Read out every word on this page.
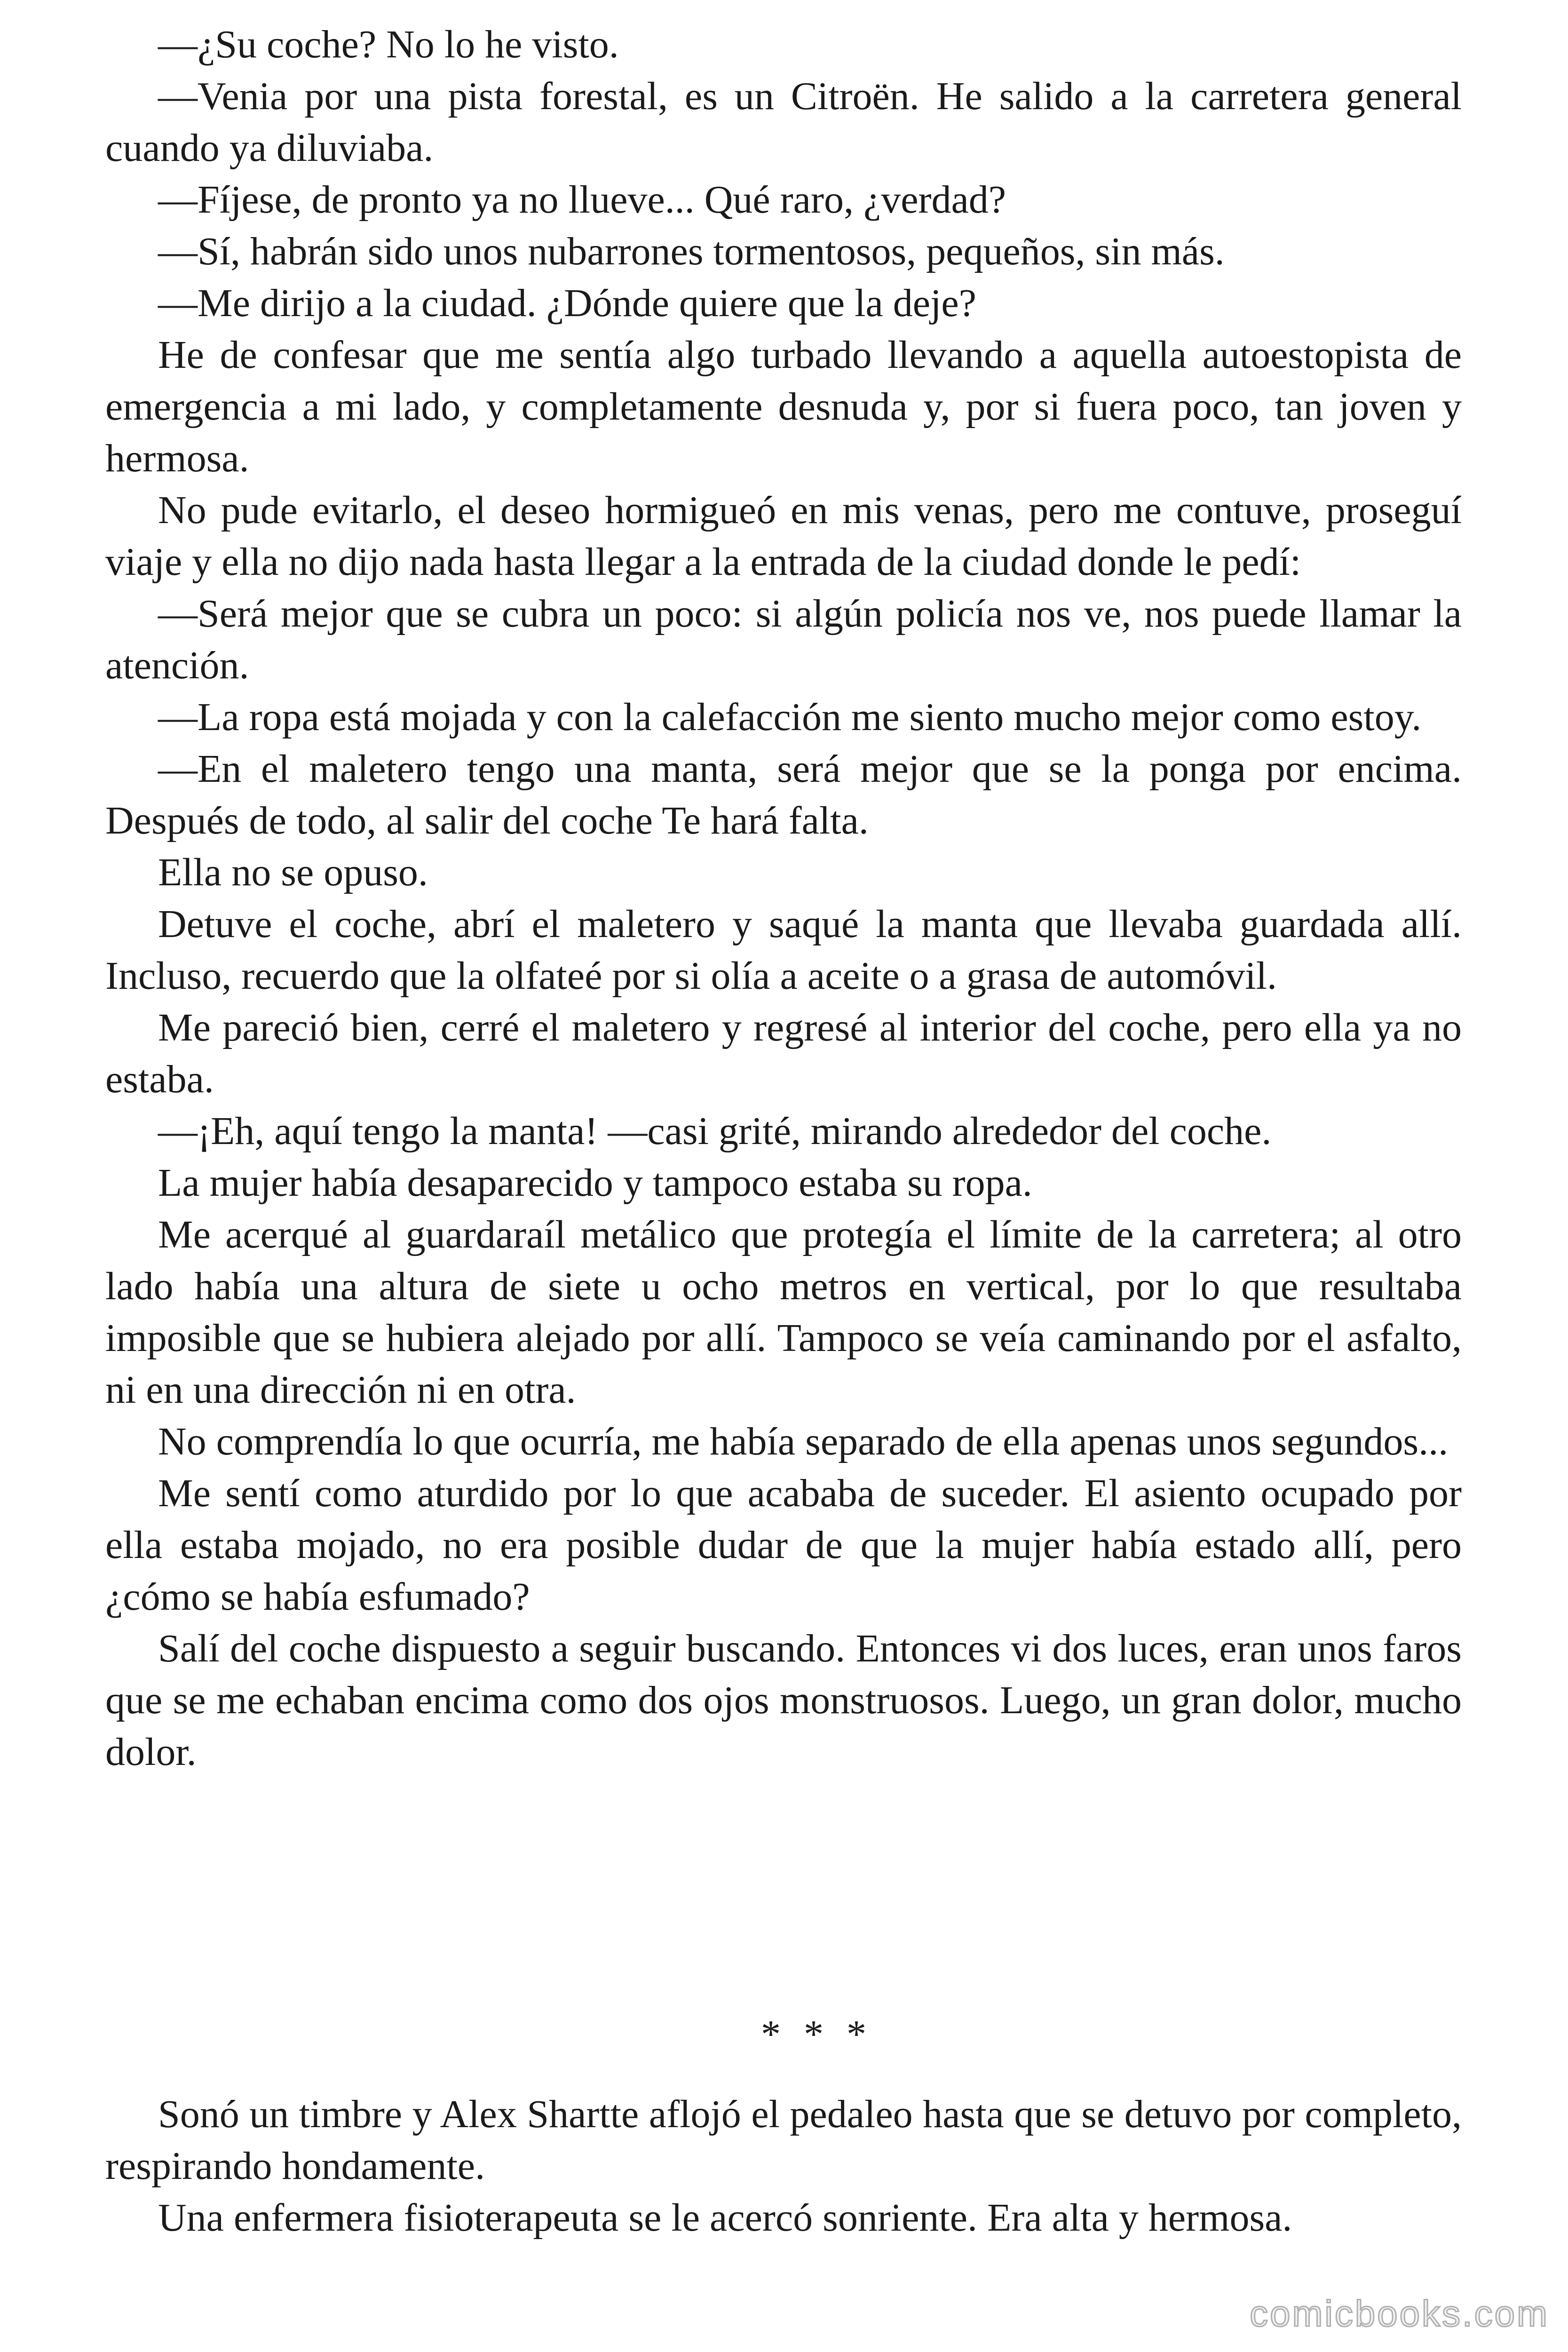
—¿Su coche? No lo he visto.

—Venia por una pista forestal, es un Citroën. He salido a la carretera general cuando ya diluviaba.

—Fíjese, de pronto ya no llueve... Qué raro, ¿verdad?

—Sí, habrán sido unos nubarrones tormentosos, pequeños, sin más.

—Me dirijo a la ciudad. ¿Dónde quiere que la deje?

He de confesar que me sentía algo turbado llevando a aquella autoestopista de emergencia a mi lado, y completamente desnuda y, por si fuera poco, tan joven y hermosa.

No pude evitarlo, el deseo hormigueó en mis venas, pero me contuve, proseguí viaje y ella no dijo nada hasta llegar a la entrada de la ciudad donde le pedí:

—Será mejor que se cubra un poco: si algún policía nos ve, nos puede llamar la atención.

—La ropa está mojada y con la calefacción me siento mucho mejor como estoy.

—En el maletero tengo una manta, será mejor que se la ponga por encima. Después de todo, al salir del coche Te hará falta.

Ella no se opuso.

Detuve el coche, abrí el maletero y saqué la manta que llevaba guardada allí. Incluso, recuerdo que la olfateé por si olía a aceite o a grasa de automóvil.

Me pareció bien, cerré el maletero y regresé al interior del coche, pero ella ya no estaba.

—¡Eh, aquí tengo la manta! —casi grité, mirando alrededor del coche.

La mujer había desaparecido y tampoco estaba su ropa.

Me acerqué al guardaraíl metálico que protegía el límite de la carretera; al otro lado había una altura de siete u ocho metros en vertical, por lo que resultaba imposible que se hubiera alejado por allí. Tampoco se veía caminando por el asfalto, ni en una dirección ni en otra.

No comprendía lo que ocurría, me había separado de ella apenas unos segundos...

Me sentí como aturdido por lo que acababa de suceder. El asiento ocupado por ella estaba mojado, no era posible dudar de que la mujer había estado allí, pero ¿cómo se había esfumado?

Salí del coche dispuesto a seguir buscando. Entonces vi dos luces, eran unos faros que se me echaban encima como dos ojos monstruosos. Luego, un gran dolor, mucho dolor.

* * *

Sonó un timbre y Alex Shartte aflojó el pedaleo hasta que se detuvo por completo, respirando hondamente.

Una enfermera fisioterapeuta se le acercó sonriente. Era alta y hermosa.

comicbooks.com
